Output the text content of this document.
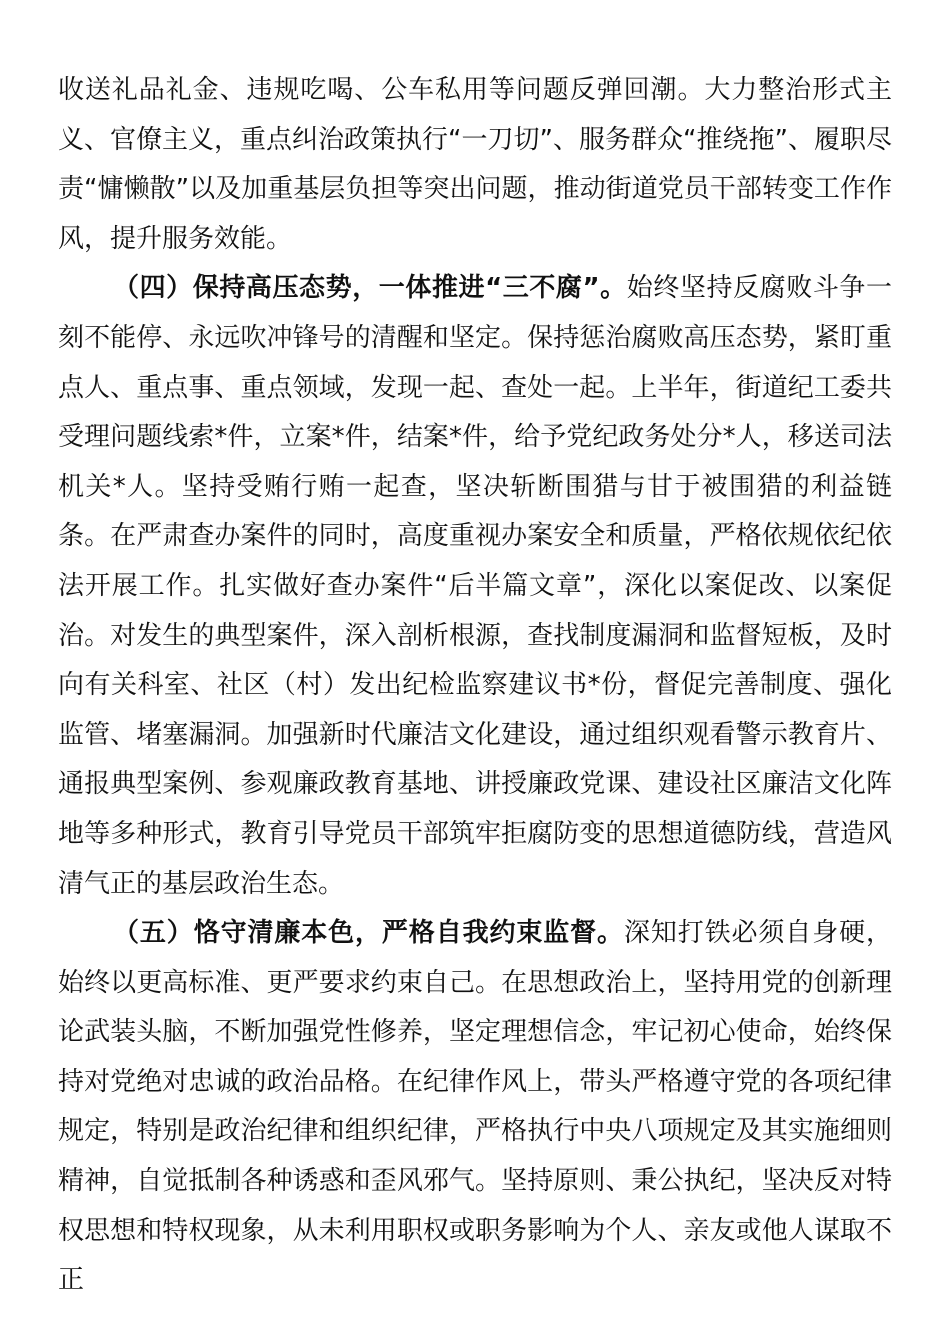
收送礼品礼金、违规吃喝、公车私用等问题反弹回潮。大力整治形式主义、官僚主义，重点纠治政策执行“一刀切”、服务群众“推绕拖”、履职尽责“慵懒散”以及加重基层负担等突出问题，推动街道党员干部转变工作作风，提升服务效能。

（四）保持高压态势，一体推进“三不腐”。始终坚持反腐败斗争一刻不能停、永远吹冲锋号的清醒和坚定。保持惩治腐败高压态势，紧盯重点人、重点事、重点领域，发现一起、查处一起。上半年，街道纪工委共受理问题线索*件，立案*件，结案*件，给予党纪政务处分*人，移送司法机关*人。坚持受贿行贿一起查，坚决斩断围猎与甘于被围猎的利益链条。在严肃查办案件的同时，高度重视办案安全和质量，严格依规依纪依法开展工作。扎实做好查办案件“后半篇文章”，深化以案促改、以案促治。对发生的典型案件，深入剖析根源，查找制度漏洞和监督短板，及时向有关科室、社区（村）发出纪检监察建议书*份，督促完善制度、强化监管、堵塞漏洞。加强新时代廉洁文化建设，通过组织观看警示教育片、通报典型案例、参观廉政教育基地、讲授廉政党课、建设社区廉洁文化阵地等多种形式，教育引导党员干部筑牢拒腐防变的思想道德防线，营造风清气正的基层政治生态。

（五）恪守清廉本色，严格自我约束监督。深知打铁必须自身硬，始终以更高标准、更严要求约束自己。在思想政治上，坚持用党的创新理论武装头脑，不断加强党性修养，坚定理想信念，牢记初心使命，始终保持对党绝对忠诚的政治品格。在纪律作风上，带头严格遵守党的各项纪律规定，特别是政治纪律和组织纪律，严格执行中央八项规定及其实施细则精神，自觉抵制各种诱惑和歪风邪气。坚持原则、秉公执纪，坚决反对特权思想和特权现象，从未利用职权或职务影响为个人、亲友或他人谋取不正
